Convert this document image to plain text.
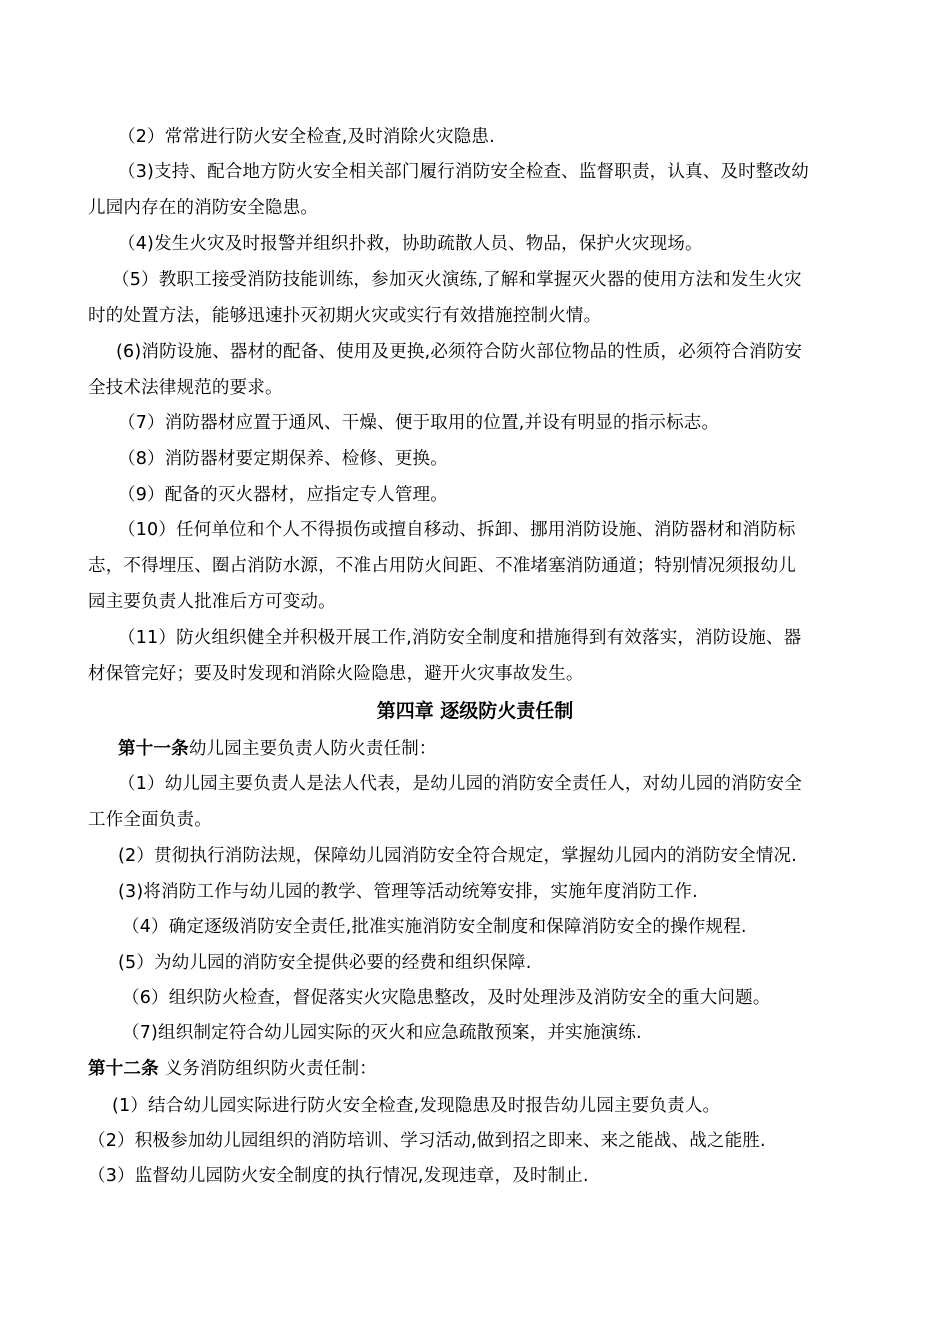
（2）常常进行防火安全检查,及时消除火灾隐患.
（3)支持、配合地方防火安全相关部门履行消防安全检查、监督职责，认真、及时整改幼
儿园内存在的消防安全隐患。
（4)发生火灾及时报警并组织扑救，协助疏散人员、物品，保护火灾现场。
（5）教职工接受消防技能训练，参加灭火演练,了解和掌握灭火器的使用方法和发生火灾
时的处置方法，能够迅速扑灭初期火灾或实行有效措施控制火情。
(6)消防设施、器材的配备、使用及更换,必须符合防火部位物品的性质，必须符合消防安
全技术法律规范的要求。
（7）消防器材应置于通风、干燥、便于取用的位置,并设有明显的指示标志。
（8）消防器材要定期保养、检修、更换。
（9）配备的灭火器材，应指定专人管理。
（10）任何单位和个人不得损伤或擅自移动、拆卸、挪用消防设施、消防器材和消防标
志，不得埋压、圈占消防水源，不准占用防火间距、不准堵塞消防通道；特别情况须报幼儿
园主要负责人批准后方可变动。
（11）防火组织健全并积极开展工作,消防安全制度和措施得到有效落实，消防设施、器
材保管完好；要及时发现和消除火险隐患，避开火灾事故发生。
第四章 逐级防火责任制
第十一条幼儿园主要负责人防火责任制：
（1）幼儿园主要负责人是法人代表，是幼儿园的消防安全责任人，对幼儿园的消防安全
工作全面负责。
(2）贯彻执行消防法规，保障幼儿园消防安全符合规定，掌握幼儿园内的消防安全情况.
(3)将消防工作与幼儿园的教学、管理等活动统筹安排，实施年度消防工作.
（4）确定逐级消防安全责任,批准实施消防安全制度和保障消防安全的操作规程.
(5）为幼儿园的消防安全提供必要的经费和组织保障.
（6）组织防火检查，督促落实火灾隐患整改，及时处理涉及消防安全的重大问题。
（7)组织制定符合幼儿园实际的灭火和应急疏散预案，并实施演练.
第十二条 义务消防组织防火责任制：
(1）结合幼儿园实际进行防火安全检查,发现隐患及时报告幼儿园主要负责人。
（2）积极参加幼儿园组织的消防培训、学习活动,做到招之即来、来之能战、战之能胜.
（3）监督幼儿园防火安全制度的执行情况,发现违章，及时制止.
